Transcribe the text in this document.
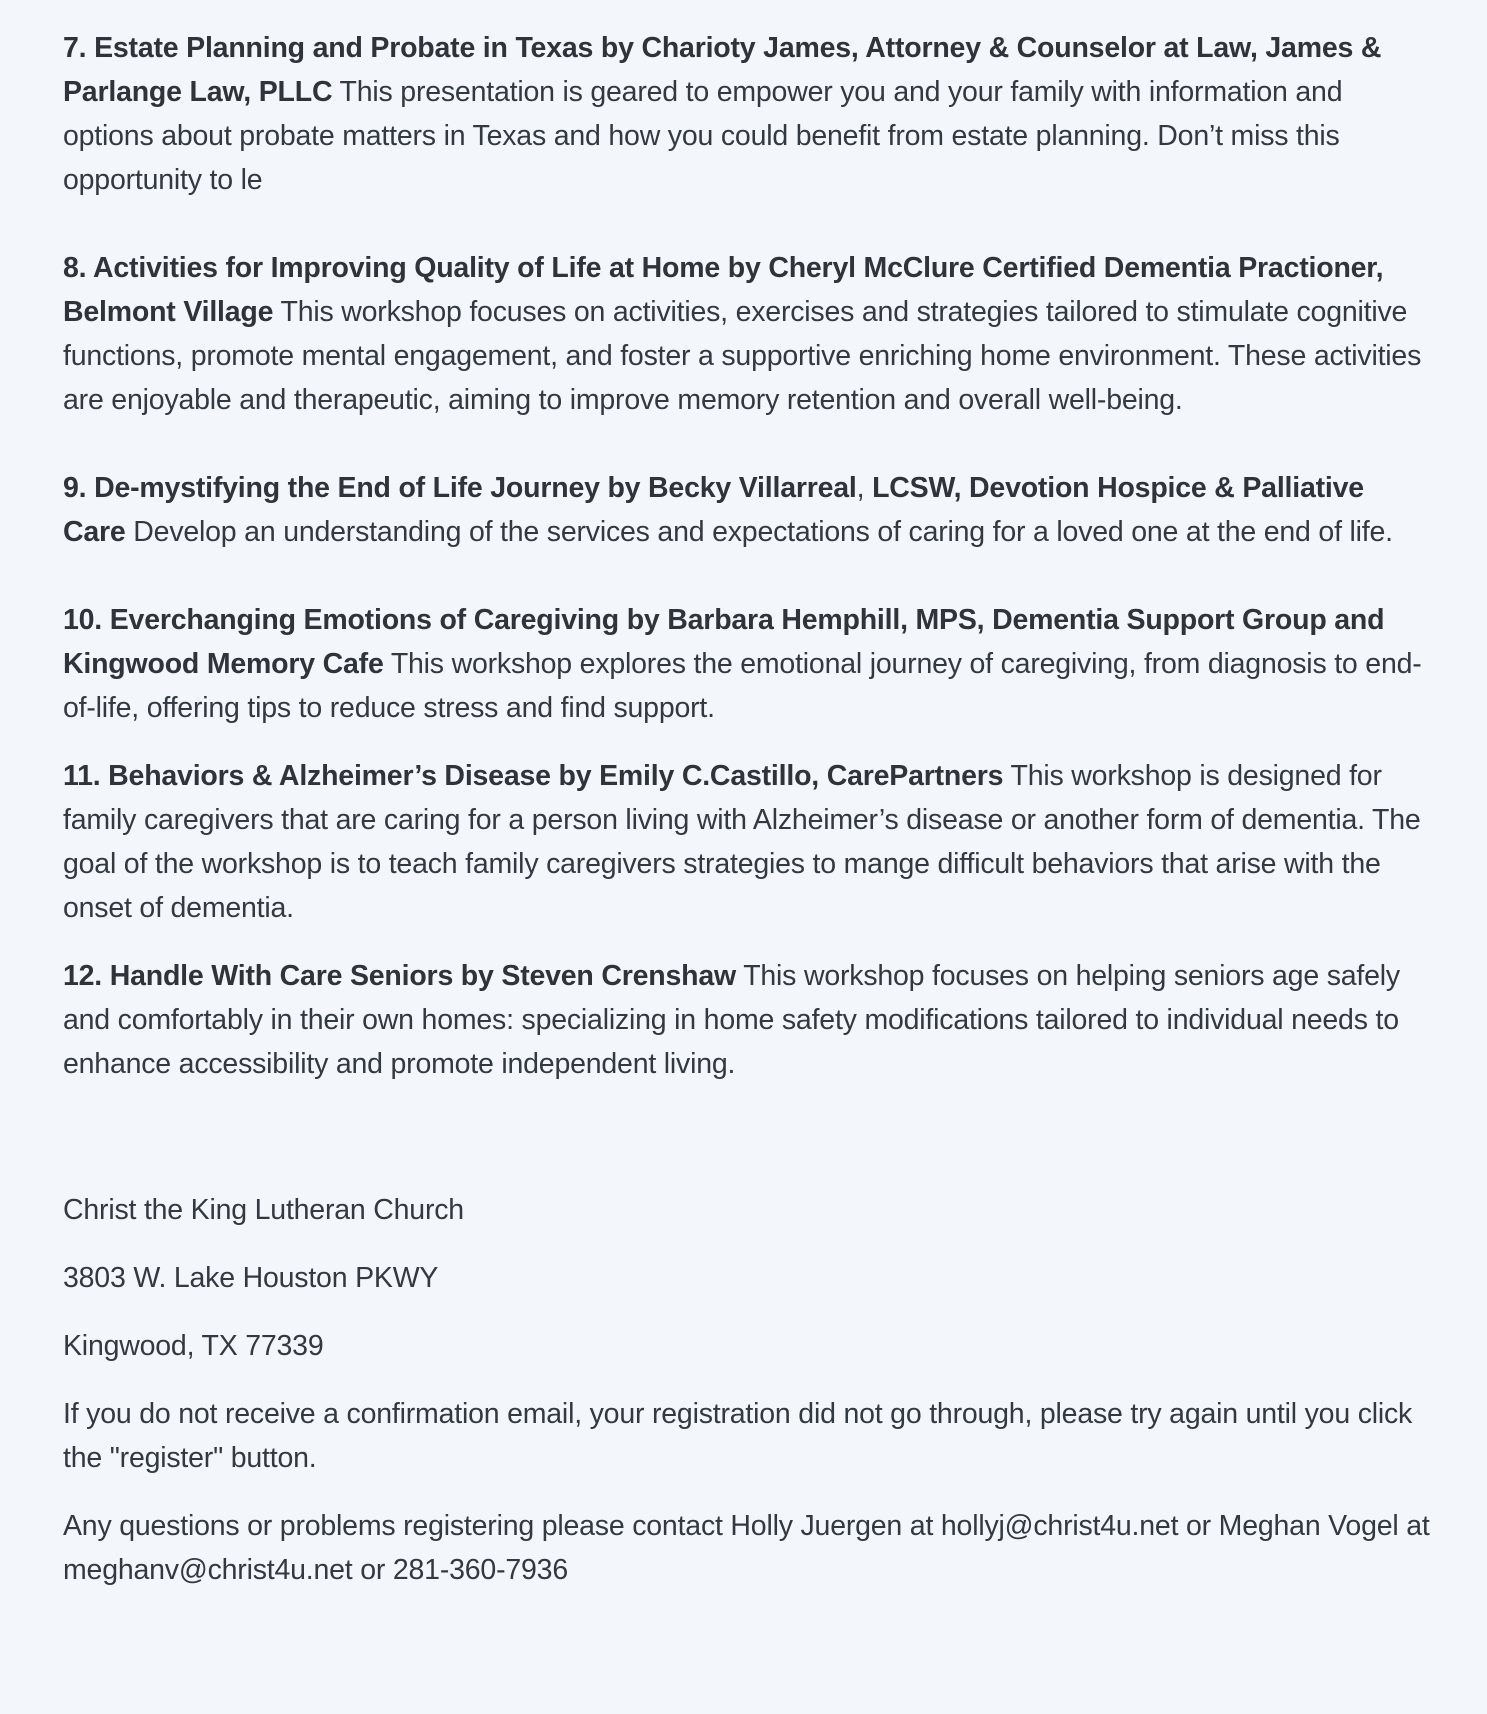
7. Estate Planning and Probate in Texas by Charioty James, Attorney & Counselor at Law, James & Parlange Law, PLLC This presentation is geared to empower you and your family with information and options about probate matters in Texas and how you could benefit from estate planning. Don’t miss this opportunity to le

8. Activities for Improving Quality of Life at Home by Cheryl McClure Certified Dementia Practioner, Belmont Village This workshop focuses on activities, exercises and strategies tailored to stimulate cognitive functions, promote mental engagement, and foster a supportive enriching home environment. These activities are enjoyable and therapeutic, aiming to improve memory retention and overall well-being.

9. De-mystifying the End of Life Journey by Becky Villarreal, LCSW, Devotion Hospice & Palliative Care Develop an understanding of the services and expectations of caring for a loved one at the end of life.

10. Everchanging Emotions of Caregiving by Barbara Hemphill, MPS, Dementia Support Group and Kingwood Memory Cafe This workshop explores the emotional journey of caregiving, from diagnosis to end-of-life, offering tips to reduce stress and find support.

11. Behaviors & Alzheimer’s Disease by Emily C.Castillo, CarePartners This workshop is designed for family caregivers that are caring for a person living with Alzheimer’s disease or another form of dementia. The goal of the workshop is to teach family caregivers strategies to mange difficult behaviors that arise with the onset of dementia.

12. Handle With Care Seniors by Steven Crenshaw This workshop focuses on helping seniors age safely and comfortably in their own homes: specializing in home safety modifications tailored to individual needs to enhance accessibility and promote independent living.

Christ the King Lutheran Church

3803 W. Lake Houston PKWY

Kingwood, TX 77339

If you do not receive a confirmation email, your registration did not go through, please try again until you click the "register" button.

Any questions or problems registering please contact Holly Juergen at hollyj@christ4u.net or Meghan Vogel at meghanv@christ4u.net or 281-360-7936
